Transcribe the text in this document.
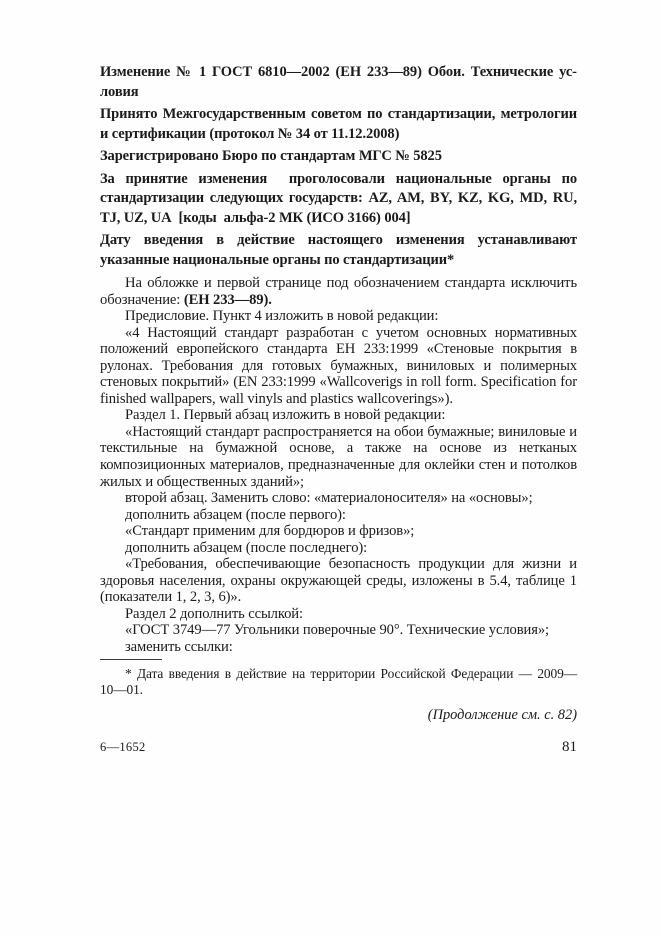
Изменение № 1 ГОСТ 6810—2002 (ЕН 233—89) Обои. Технические условия

Принято Межгосударственным советом по стандартизации, метрологии и сертификации (протокол № 34 от 11.12.2008)

Зарегистрировано Бюро по стандартам МГС № 5825

За принятие изменения  проголосовали национальные органы по стандартизации следующих государств: AZ, AM, BY, KZ, KG, MD, RU, TJ, UZ, UA  [коды  альфа-2 МК (ИСО 3166) 004]

Дату введения в действие настоящего изменения устанавливают указанные национальные органы по стандартизации*

На обложке и первой странице под обозначением стандарта исключить обозначение: (ЕН 233—89).

Предисловие. Пункт 4 изложить в новой редакции:

«4 Настоящий стандарт разработан с учетом основных нормативных положений европейского стандарта ЕН 233:1999 «Стеновые покрытия в рулонах. Требования для готовых бумажных, виниловых и полимерных стеновых покрытий» (EN 233:1999 «Wallcoverigs in roll form. Specification for finished wallpapers, wall vinyls and plastics wallcoverings»).

Раздел 1. Первый абзац изложить в новой редакции:

«Настоящий стандарт распространяется на обои бумажные; виниловые и текстильные на бумажной основе, а также на основе из нетканых композиционных материалов, предназначенные для оклейки стен и потолков жилых и общественных зданий»;

второй абзац. Заменить слово: «материалоносителя» на «основы»;

дополнить абзацем (после первого):

«Стандарт применим для бордюров и фризов»;

дополнить абзацем (после последнего):

«Требования, обеспечивающие безопасность продукции для жизни и здоровья населения, охраны окружающей среды, изложены в 5.4, таблице 1 (показатели 1, 2, 3, 6)».

Раздел 2 дополнить ссылкой:

«ГОСТ 3749—77 Угольники поверочные 90°. Технические условия»;

заменить ссылки:

* Дата введения в действие на территории Российской Федерации — 2009—10—01.

(Продолжение см. с. 82)

6—1652	81
